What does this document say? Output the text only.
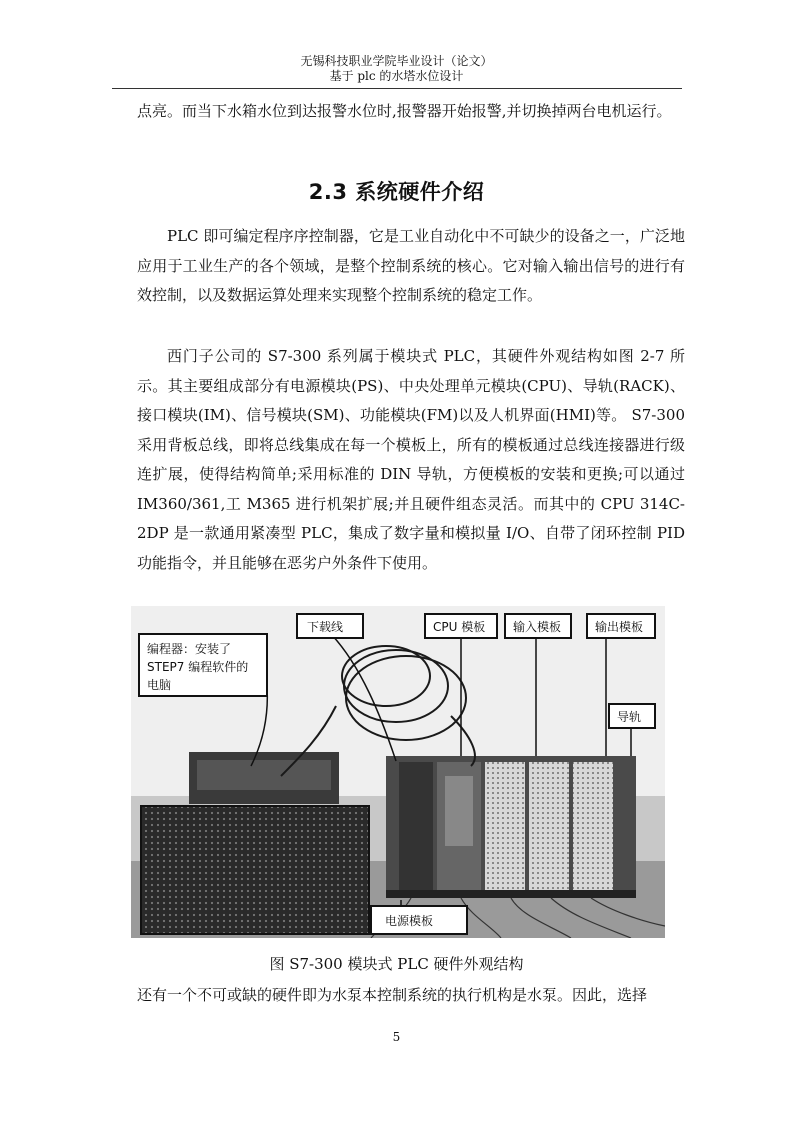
无锡科技职业学院毕业设计（论文）
基于 plc 的水塔水位设计

点亮。而当下水箱水位到达报警水位时,报警器开始报警,并切换掉两台电机运行。

2.3 系统硬件介绍

PLC 即可编定程序序控制器，它是工业自动化中不可缺少的设备之一，广泛地应用于工业生产的各个领域，是整个控制系统的核心。它对输入输出信号的进行有效控制，以及数据运算处理来实现整个控制系统的稳定工作。

西门子公司的 S7-300 系列属于模块式 PLC，其硬件外观结构如图 2-7 所示。其主要组成部分有电源模块(PS)、中央处理单元模块(CPU)、导轨(RACK)、接口模块(IM)、信号模块(SM)、功能模块(FM)以及人机界面(HMI)等。 S7-300 采用背板总线，即将总线集成在每一个模板上，所有的模板通过总线连接器进行级连扩展，使得结构简单;采用标准的 DIN 导轨，方便模板的安装和更换;可以通过 IM360/361,工 M365 进行机架扩展;并且硬件组态灵活。而其中的 CPU 314C-2DP 是一款通用紧凑型 PLC，集成了数字量和模拟量 I/O、自带了闭环控制 PID 功能指令，并且能够在恶劣户外条件下使用。

编程器：安装了
STEP7 编程软件的
电脑
下载线	CPU 模板 输入模板	输出模板
导轨
电源模板
图 S7-300 模块式 PLC 硬件外观结构

还有一个不可或缺的硬件即为水泵本控制系统的执行机构是水泵。因此，选择

5
